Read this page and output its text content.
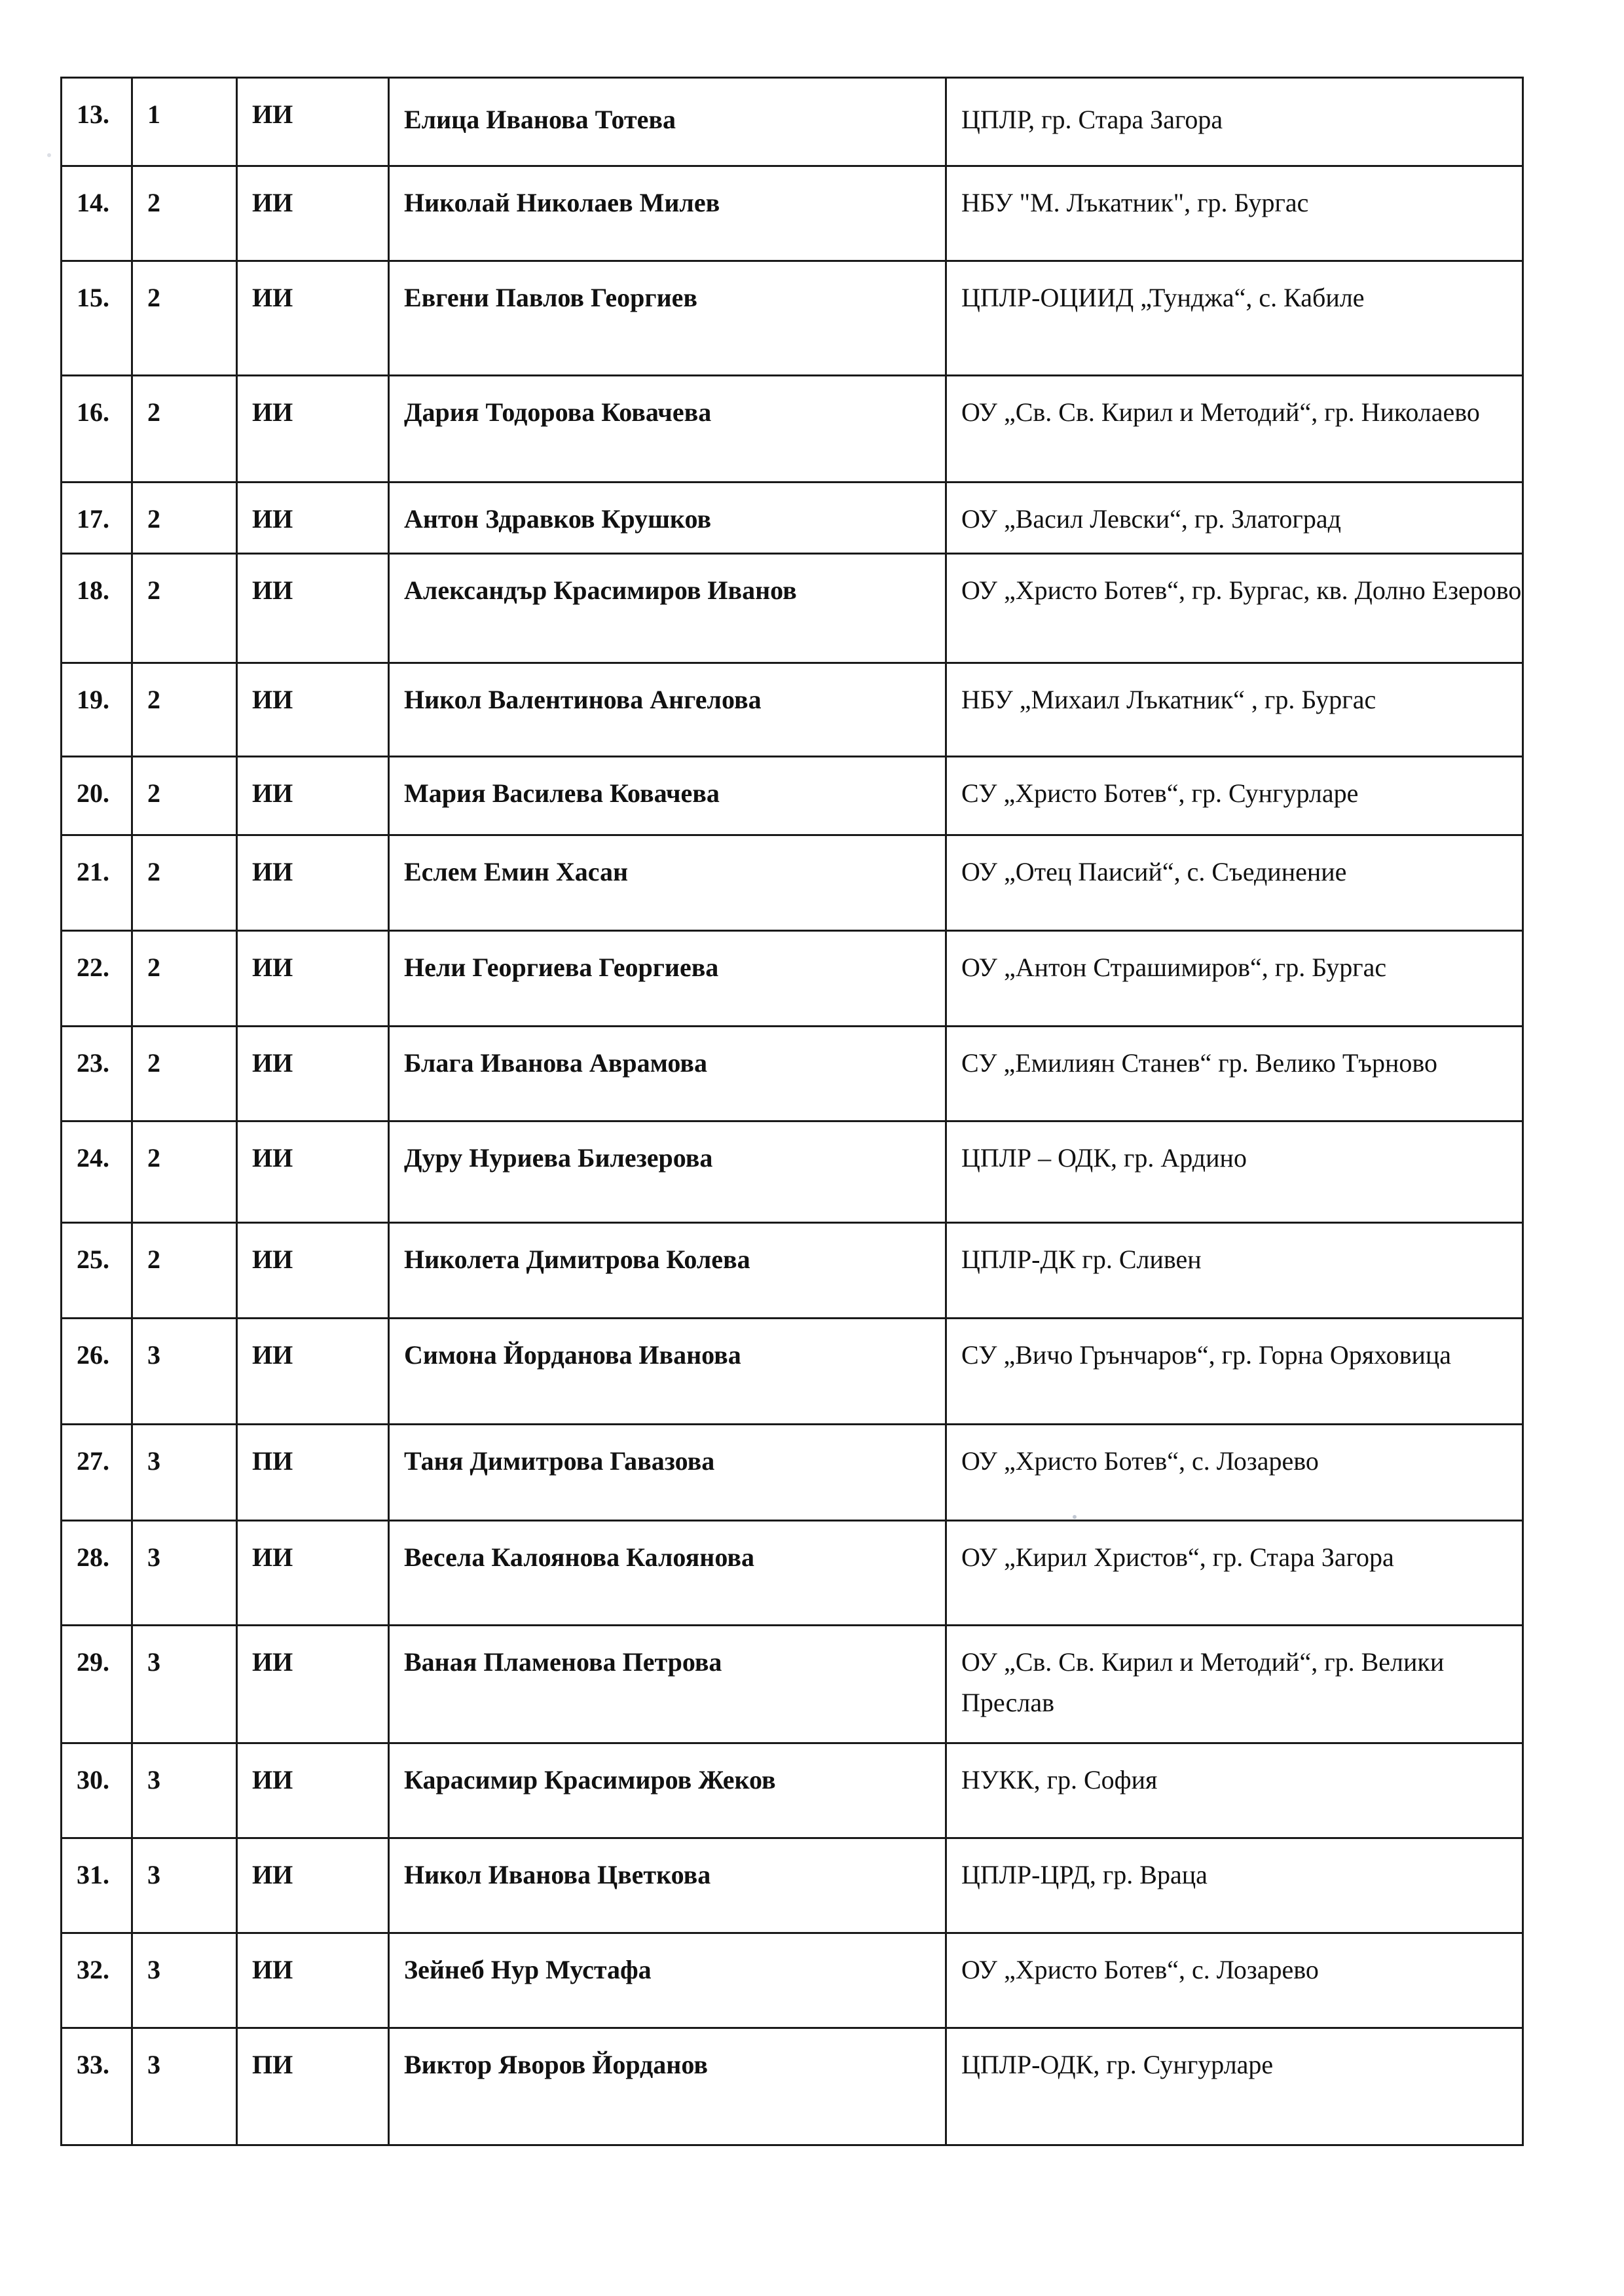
13.	1	ИИ	Елица Иванова Тотева	ЦПЛР, гр. Стара Загора
14.	2	ИИ	Николай Николаев Милев	НБУ "М. Лъкатник", гр. Бургас
15.	2	ИИ	Евгени Павлов Георгиев	ЦПЛР-ОЦИИД „Тунджа“, с. Кабиле
16.	2	ИИ	Дария Тодорова Ковачева	ОУ „Св. Св. Кирил и Методий“, гр. Николаево
17.	2	ИИ	Антон Здравков Крушков	ОУ „Васил Левски“, гр. Златоград
18.	2	ИИ	Александър Красимиров Иванов	ОУ „Христо Ботев“, гр. Бургас, кв. Долно Езерово
19.	2	ИИ	Никол Валентинова Ангелова	НБУ „Михаил Лъкатник“ , гр. Бургас
20.	2	ИИ	Мария Василева Ковачева	СУ „Христо Ботев“, гр. Сунгурларе
21.	2	ИИ	Еслем Емин Хасан	ОУ „Отец Паисий“, с. Съединение
22.	2	ИИ	Нели Георгиева Георгиева	ОУ „Антон Страшимиров“, гр. Бургас
23.	2	ИИ	Блага Иванова Аврамова	СУ „Емилиян Станев“ гр. Велико Търново
24.	2	ИИ	Дуру Нуриева Билезерова	ЦПЛР – ОДК, гр. Ардино
25.	2	ИИ	Николета Димитрова Колева	ЦПЛР-ДК гр. Сливен
26.	3	ИИ	Симона Йорданова Иванова	СУ „Вичо Грънчаров“, гр. Горна Оряховица
27.	3	ПИ	Таня Димитрова Гавазова	ОУ „Христо Ботев“, с. Лозарево
28.	3	ИИ	Весела Калоянова Калоянова	ОУ „Кирил Христов“, гр. Стара Загора
29.	3	ИИ	Ваная Пламенова Петрова	ОУ „Св. Св. Кирил и Методий“, гр. Велики Преслав
30.	3	ИИ	Карасимир Красимиров Жеков	НУКК, гр. София
31.	3	ИИ	Никол Иванова Цветкова	ЦПЛР-ЦРД, гр. Враца
32.	3	ИИ	Зейнеб Нур Мустафа	ОУ „Христо Ботев“, с. Лозарево
33.	3	ПИ	Виктор Яворов Йорданов	ЦПЛР-ОДК, гр. Сунгурларе
